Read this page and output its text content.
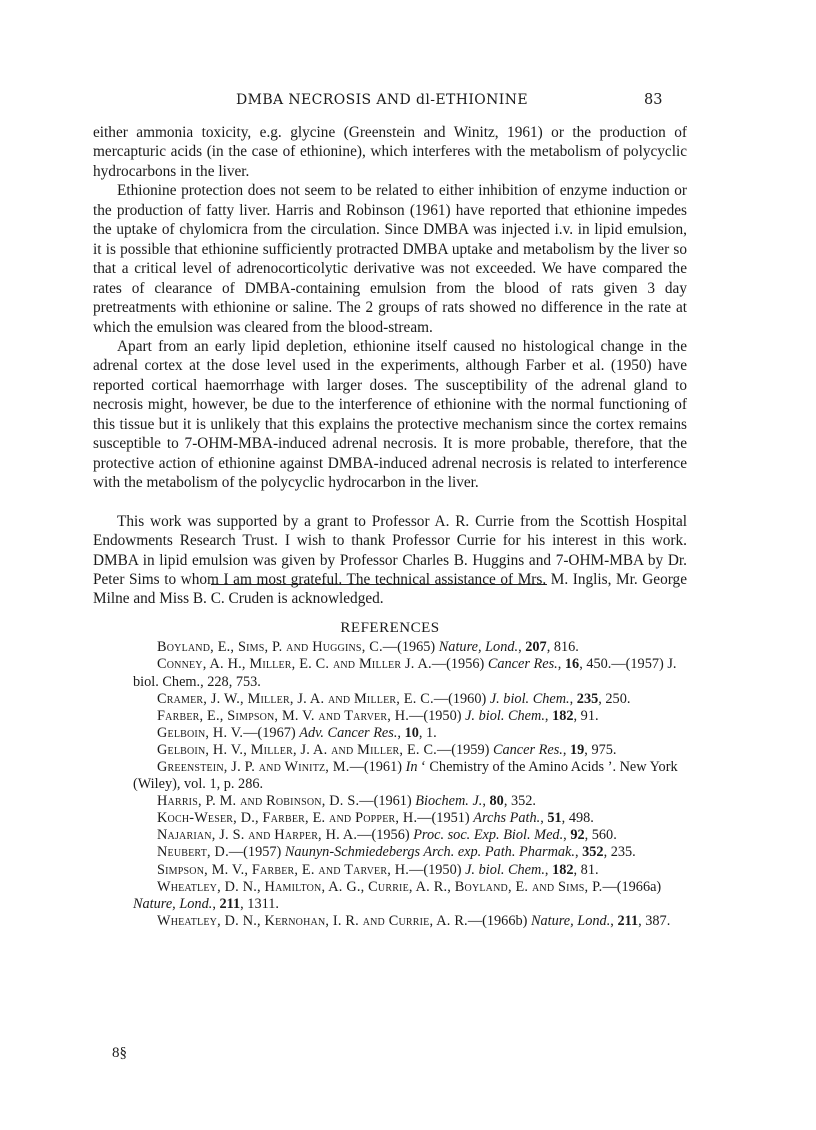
DMBA NECROSIS AND dl-ETHIONINE	83

either ammonia toxicity, e.g. glycine (Greenstein and Winitz, 1961) or the production of mercapturic acids (in the case of ethionine), which interferes with the metabolism of polycyclic hydrocarbons in the liver.

Ethionine protection does not seem to be related to either inhibition of enzyme induction or the production of fatty liver. Harris and Robinson (1961) have reported that ethionine impedes the uptake of chylomicra from the circulation. Since DMBA was injected i.v. in lipid emulsion, it is possible that ethionine sufficiently protracted DMBA uptake and metabolism by the liver so that a critical level of adrenocorticolytic derivative was not exceeded. We have compared the rates of clearance of DMBA-containing emulsion from the blood of rats given 3 day pretreatments with ethionine or saline. The 2 groups of rats showed no difference in the rate at which the emulsion was cleared from the blood-stream.

Apart from an early lipid depletion, ethionine itself caused no histological change in the adrenal cortex at the dose level used in the experiments, although Farber et al. (1950) have reported cortical haemorrhage with larger doses. The susceptibility of the adrenal gland to necrosis might, however, be due to the interference of ethionine with the normal functioning of this tissue but it is unlikely that this explains the protective mechanism since the cortex remains susceptible to 7-OHM-MBA-induced adrenal necrosis. It is more probable, therefore, that the protective action of ethionine against DMBA-induced adrenal necrosis is related to interference with the metabolism of the polycyclic hydrocarbon in the liver.

This work was supported by a grant to Professor A. R. Currie from the Scottish Hospital Endowments Research Trust. I wish to thank Professor Currie for his interest in this work. DMBA in lipid emulsion was given by Professor Charles B. Huggins and 7-OHM-MBA by Dr. Peter Sims to whom I am most grateful. The technical assistance of Mrs. M. Inglis, Mr. George Milne and Miss B. C. Cruden is acknowledged.

REFERENCES

Boyland, E., Sims, P. and Huggins, C.—(1965) Nature, Lond., 207, 816.

Conney, A. H., Miller, E. C. and Miller J. A.—(1956) Cancer Res., 16, 450.—(1957) J. biol. Chem., 228, 753.

Cramer, J. W., Miller, J. A. and Miller, E. C.—(1960) J. biol. Chem., 235, 250.

Farber, E., Simpson, M. V. and Tarver, H.—(1950) J. biol. Chem., 182, 91.

Gelboin, H. V.—(1967) Adv. Cancer Res., 10, 1.

Gelboin, H. V., Miller, J. A. and Miller, E. C.—(1959) Cancer Res., 19, 975.

Greenstein, J. P. and Winitz, M.—(1961) In ‘ Chemistry of the Amino Acids ’. New York (Wiley), vol. 1, p. 286.

Harris, P. M. and Robinson, D. S.—(1961) Biochem. J., 80, 352.

Koch-Weser, D., Farber, E. and Popper, H.—(1951) Archs Path., 51, 498.

Najarian, J. S. and Harper, H. A.—(1956) Proc. soc. Exp. Biol. Med., 92, 560.

Neubert, D.—(1957) Naunyn-Schmiedebergs Arch. exp. Path. Pharmak., 352, 235.

Simpson, M. V., Farber, E. and Tarver, H.—(1950) J. biol. Chem., 182, 81.

Wheatley, D. N., Hamilton, A. G., Currie, A. R., Boyland, E. and Sims, P.—(1966a) Nature, Lond., 211, 1311.

Wheatley, D. N., Kernohan, I. R. and Currie, A. R.—(1966b) Nature, Lond., 211, 387.

8§
